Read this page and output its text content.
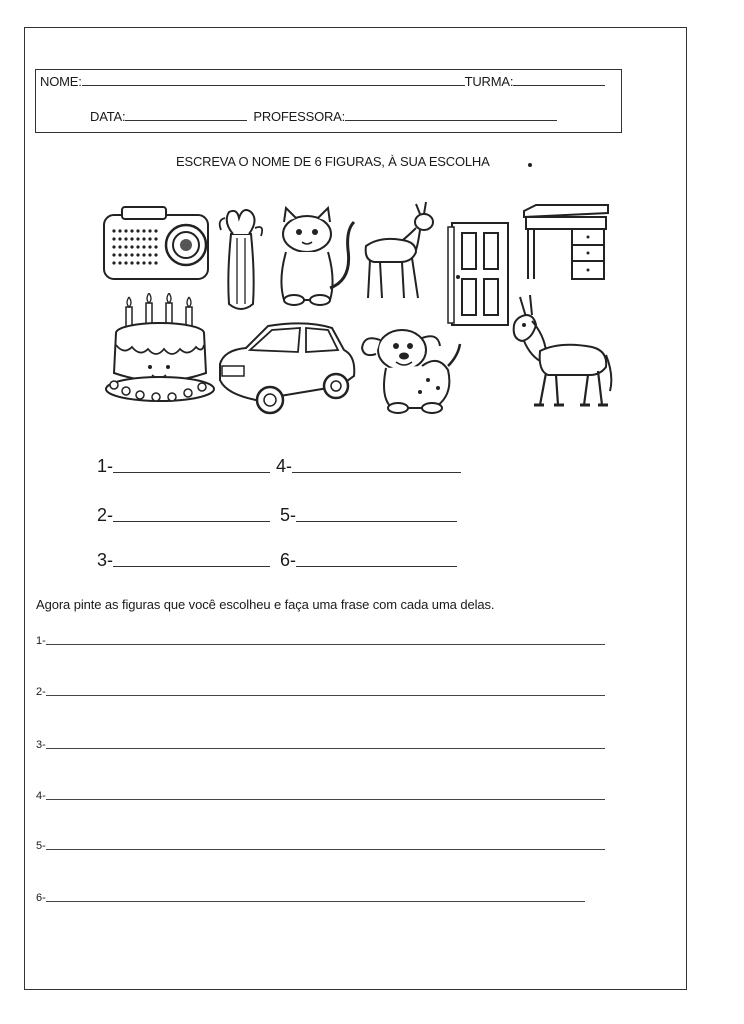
NOME:	TURMA:
DATA:	PROFESSORA:
ESCREVA O NOME DE 6 FIGURAS, À SUA ESCOLHA
1-	4-
2-	5-
3-	6-
Agora pinte as figuras que você escolheu e faça uma frase com cada uma delas.
1-
2-
3-
4-
5-
6-
